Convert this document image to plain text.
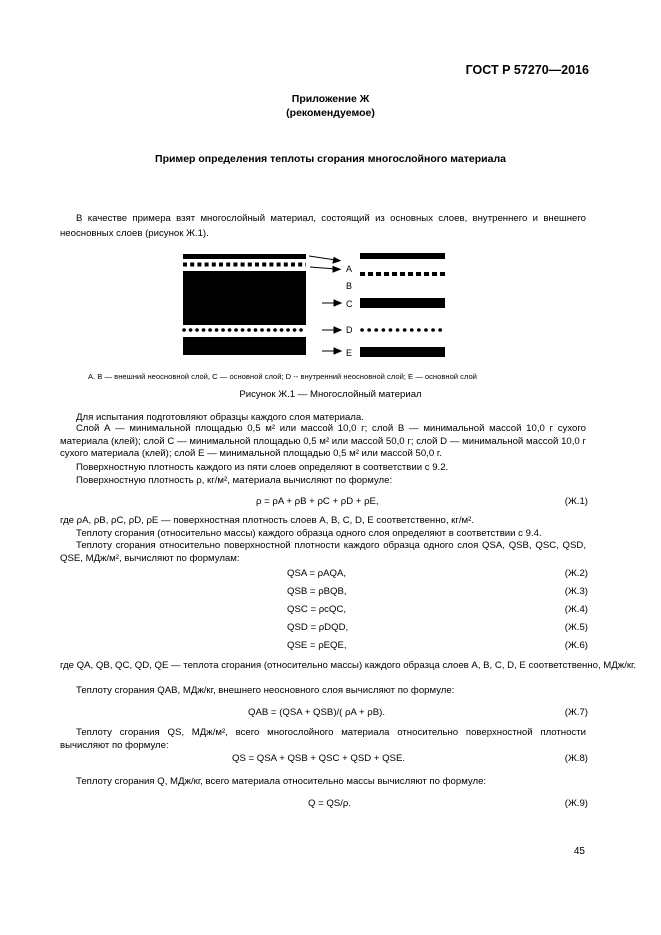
ГОСТ Р 57270—2016
Приложение Ж
(рекомендуемое)
Пример определения теплоты сгорания многослойного материала
В качестве примера взят многослойный материал, состоящий из основных слоев, внутреннего и внешнего неосновных слоев (рисунок Ж.1).
A
B
C
D
E
А. В — внешний неосновной слой, С — основной слой; D -- внутренний неосновной слой; Е — основной слой
Рисунок Ж.1 — Многослойный материал
Для испытания подготовляют образцы каждого слоя материала.
Слой А — минимальной площадью 0,5 м² или массой 10,0 г; слой В — минимальной массой 10,0 г сухого материала (клей); слой С — минимальной площадью 0,5 м² или массой 50,0 г; слой D — минимальной массой 10,0 г сухого материала (клей); слой Е — минимальной площадью 0,5 м² или массой 50,0 г.
Поверхностную плотность каждого из пяти слоев определяют в соответствии с 9.2.
Поверхностную плотность ρ, кг/м², материала вычисляют по формуле:
ρ = ρA + ρB + ρC + ρD + ρE,	(Ж.1)
где ρA, ρB, ρC, ρD, ρE — поверхностная плотность слоев A, B, C, D, E соответственно, кг/м².
Теплоту сгорания (относительно массы) каждого образца одного слоя определяют в соответствии с 9.4.
Теплоту сгорания относительно поверхностной плотности каждого образца одного слоя QSA, QSB, QSC, QSD, QSE, МДж/м², вычисляют по формулам:
QSA = ρAQA,	(Ж.2)
QSB = ρBQB,	(Ж.3)
QSC = ρcQC,	(Ж.4)
QSD = ρDQD,	(Ж.5)
QSE = ρEQE,	(Ж.6)
где QA, QB, QC, QD, QE — теплота сгорания (относительно массы) каждого образца слоев A, B, C, D, E соответственно, МДж/кг.
Теплоту сгорания QAB, МДж/кг, внешнего неосновного слоя вычисляют по формуле:
QAB = (QSA + QSB)/( ρA + ρB).	(Ж.7)
Теплоту сгорания QS, МДж/м², всего многослойного материала относительно поверхностной плотности вычисляют по формуле:
QS = QSA + QSB + QSC + QSD + QSE.	(Ж.8)
Теплоту сгорания Q, МДж/кг, всего материала относительно массы вычисляют по формуле:
Q = QS/ρ.	(Ж.9)
45
